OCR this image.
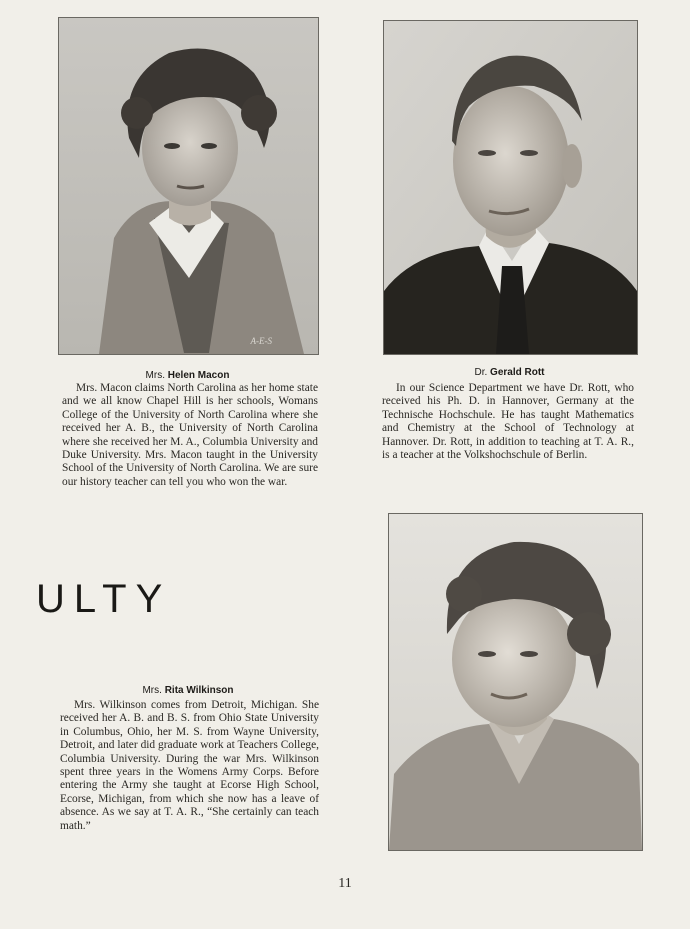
A-E-S
Mrs. Helen Macon

Mrs. Macon claims North Carolina as her home state and we all know Chapel Hill is her schools, Womans College of the University of North Carolina where she received her A. B., the University of North Carolina where she received her M. A., Columbia University and Duke University. Mrs. Macon taught in the University School of the University of North Carolina. We are sure our history teacher can tell you who won the war.

Dr. Gerald Rott

In our Science Department we have Dr. Rott, who received his Ph. D. in Hannover, Germany at the Technische Hochschule. He has taught Mathematics and Chemistry at the School of Technology at Hannover. Dr. Rott, in addition to teaching at T. A. R., is a teacher at the Volkshochschule of Berlin.

ULTY
Mrs. Rita Wilkinson

Mrs. Wilkinson comes from Detroit, Michigan. She received her A. B. and B. S. from Ohio State University in Columbus, Ohio, her M. S. from Wayne University, Detroit, and later did graduate work at Teachers College, Columbia University. During the war Mrs. Wilkinson spent three years in the Womens Army Corps. Before entering the Army she taught at Ecorse High School, Ecorse, Michigan, from which she now has a leave of absence. As we say at T. A. R., “She certainly can teach math.”

11
